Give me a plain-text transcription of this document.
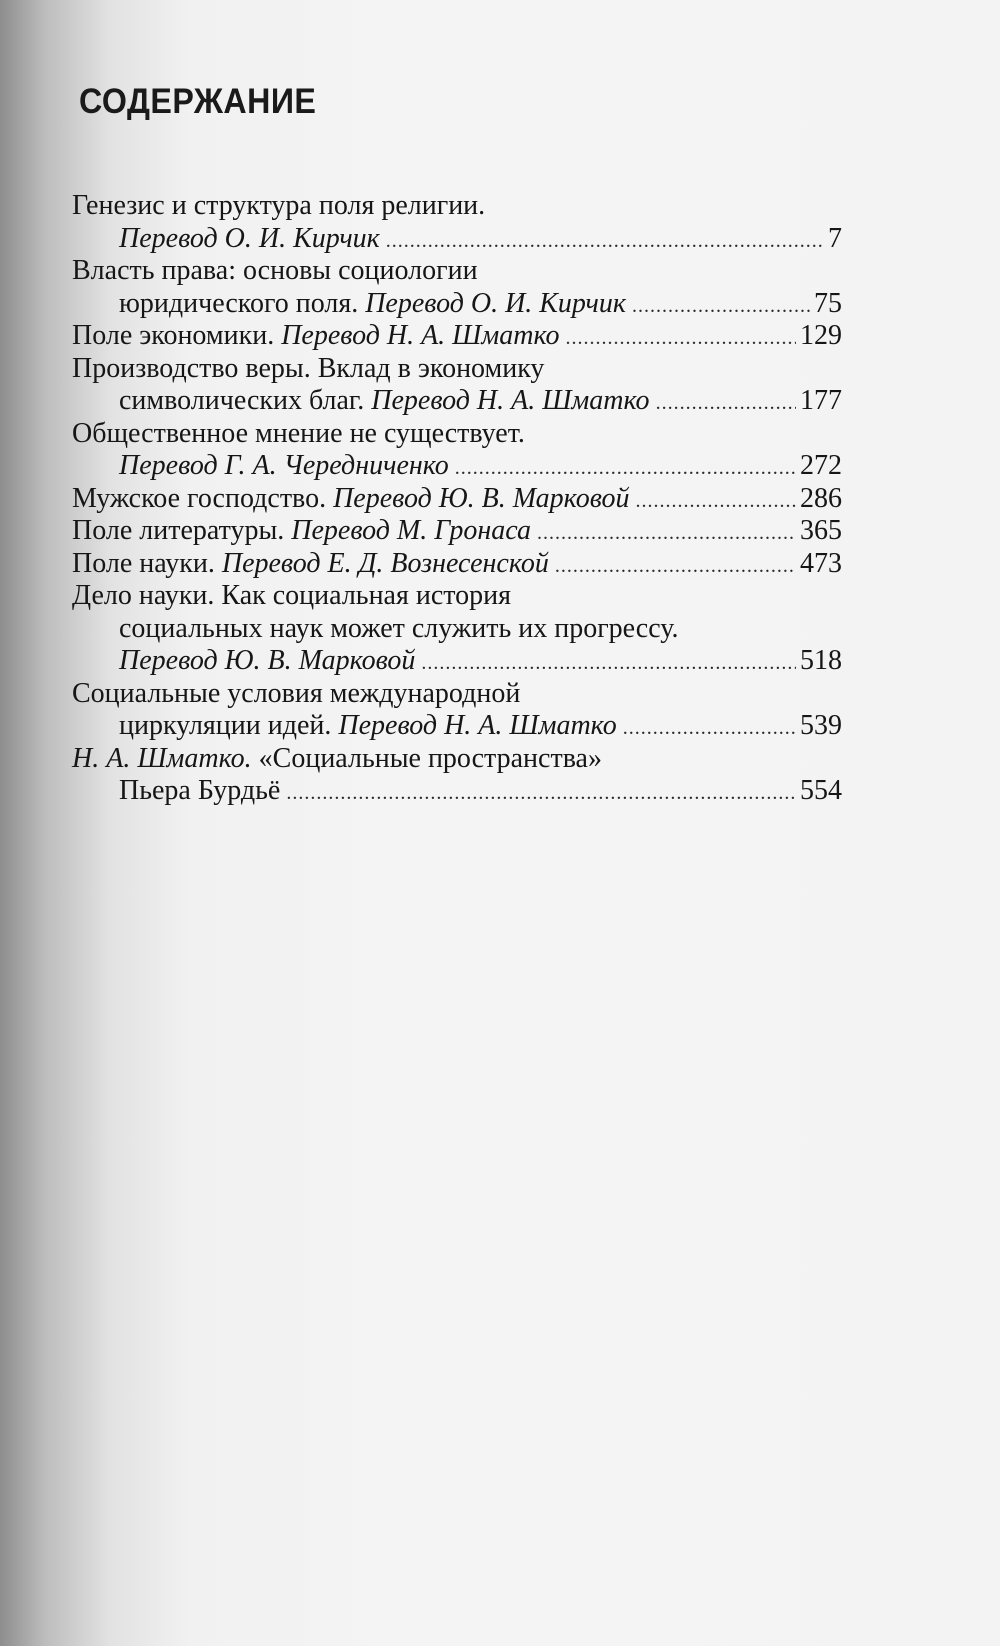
СОДЕРЖАНИЕ
Генезис и структура поля религии.
Перевод О. И. Кирчик .....	7
Власть права: основы социологии
юридического поля.
Перевод О. И. Кирчик .....	75
Поле экономики.
Перевод Н. А. Шматко .....	129
Производство веры. Вклад в экономику
символических благ.
Перевод Н. А. Шматко .....	177
Общественное мнение не существует.
Перевод Г. А. Чередниченко .....	272
Мужское господство.
Перевод Ю. В. Марковой .....	286
Поле литературы.
Перевод М. Гронаса .....	365
Поле науки.
Перевод Е. Д. Вознесенской .....	473
Дело науки. Как социальная история
социальных наук может служить их прогрессу.
Перевод Ю. В. Марковой .....	518
Социальные условия международной
циркуляции идей.
Перевод Н. А. Шматко .....	539
Н. А. Шматко.
«Социальные пространства»
Пьера Бурдьё .....	554
